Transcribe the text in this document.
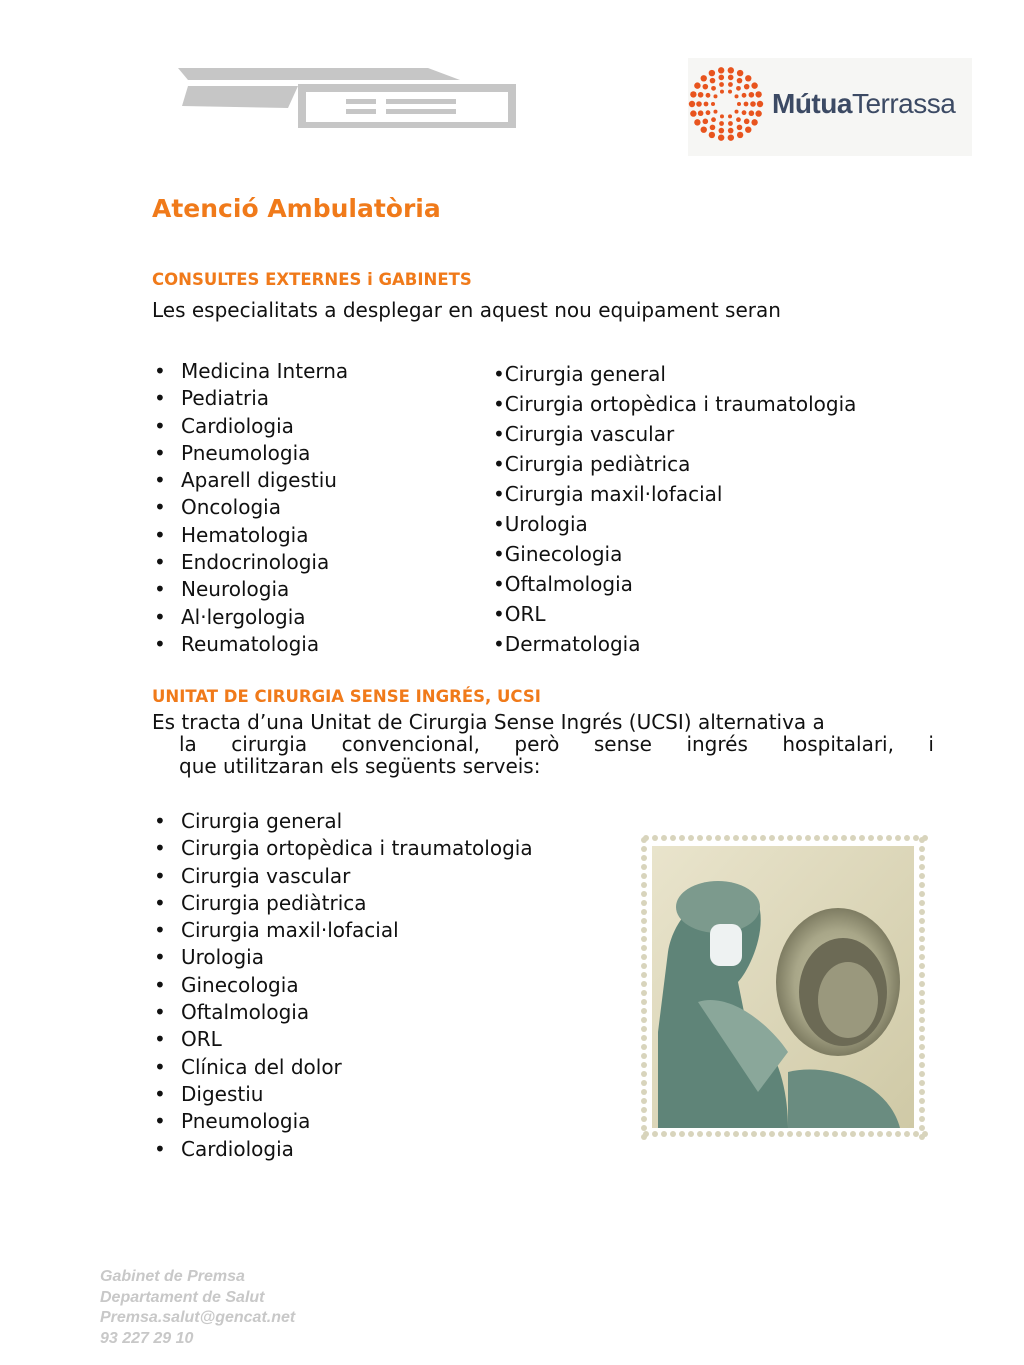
MútuaTerrassa
Atenció Ambulatòria
CONSULTES EXTERNES i GABINETS
Les especialitats a desplegar en aquest nou equipament seran
• Medicina Interna
• Pediatria
• Cardiologia
• Pneumologia
• Aparell digestiu
• Oncologia
• Hematologia
• Endocrinologia
• Neurologia
• Al·lergologia
• Reumatologia
•Cirurgia general
•Cirurgia ortopèdica i traumatologia
•Cirurgia vascular
•Cirurgia pediàtrica
•Cirurgia maxil·lofacial
•Urologia
•Ginecologia
•Oftalmologia
•ORL
•Dermatologia
UNITAT DE CIRURGIA SENSE INGRÉS, UCSI
Es tracta d’una Unitat de Cirurgia Sense Ingrés (UCSI) alternativa a
la cirurgia convencional, però sense ingrés hospitalari, i
que utilitzaran els següents serveis:
• Cirurgia general
• Cirurgia ortopèdica i traumatologia
• Cirurgia vascular
• Cirurgia pediàtrica
• Cirurgia maxil·lofacial
• Urologia
• Ginecologia
• Oftalmologia
• ORL
• Clínica del dolor
• Digestiu
• Pneumologia
• Cardiologia
Gabinet de Premsa
Departament de Salut
Premsa.salut@gencat.net
93 227 29 10
